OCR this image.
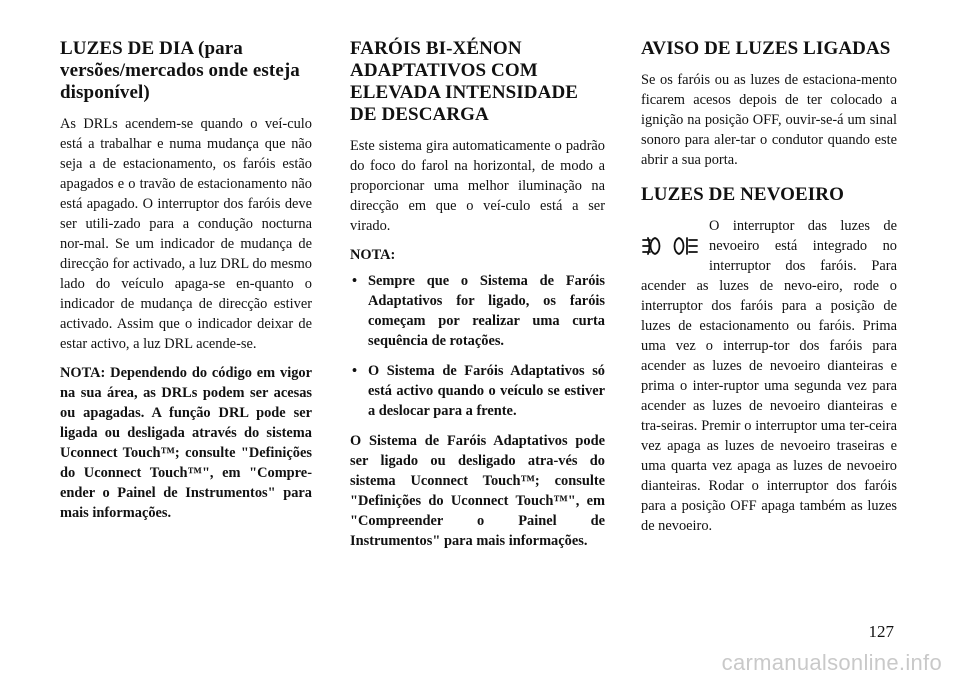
LUZES DE DIA (para versões/mercados onde esteja disponível)

As DRLs acendem-se quando o veí-culo está a trabalhar e numa mudança que não seja a de estacionamento, os faróis estão apagados e o travão de estacionamento não está apagado. O interruptor dos faróis deve ser utili-zado para a condução nocturna nor-mal. Se um indicador de mudança de direcção for activado, a luz DRL do mesmo lado do veículo apaga-se en-quanto o indicador de mudança de direcção estiver activado. Assim que o indicador deixar de estar activo, a luz DRL acende-se.

NOTA: Dependendo do código em vigor na sua área, as DRLs podem ser acesas ou apagadas. A função DRL pode ser ligada ou desligada através do sistema Uconnect Touch™; consulte "Definições do Uconnect Touch™", em "Compre-ender o Painel de Instrumentos" para mais informações.

FARÓIS BI-XÉNON ADAPTATIVOS COM ELEVADA INTENSIDADE DE DESCARGA

Este sistema gira automaticamente o padrão do foco do farol na horizontal, de modo a proporcionar uma melhor iluminação na direcção em que o veí-culo está a ser virado.

NOTA:
• Sempre que o Sistema de Faróis Adaptativos for ligado, os faróis começam por realizar uma curta sequência de rotações.
• O Sistema de Faróis Adaptativos só está activo quando o veículo se estiver a deslocar para a frente.

O Sistema de Faróis Adaptativos pode ser ligado ou desligado atra-vés do sistema Uconnect Touch™; consulte "Definições do Uconnect Touch™", em "Compreender o Painel de Instrumentos" para mais informações.

AVISO DE LUZES LIGADAS

Se os faróis ou as luzes de estaciona-mento ficarem acesos depois de ter colocado a ignição na posição OFF, ouvir-se-á um sinal sonoro para aler-tar o condutor quando este abrir a sua porta.

LUZES DE NEVOEIRO

O interruptor das luzes de nevoeiro está integrado no interruptor dos faróis. Para acender as luzes de nevo-eiro, rode o interruptor dos faróis para a posição de luzes de estacionamento ou faróis. Prima uma vez o interrup-tor dos faróis para acender as luzes de nevoeiro dianteiras e prima o inter-ruptor uma segunda vez para acender as luzes de nevoeiro dianteiras e tra-seiras. Premir o interruptor uma ter-ceira vez apaga as luzes de nevoeiro traseiras e uma quarta vez apaga as luzes de nevoeiro dianteiras. Rodar o interruptor dos faróis para a posição OFF apaga também as luzes de nevoeiro.

127
carmanualsonline.info
